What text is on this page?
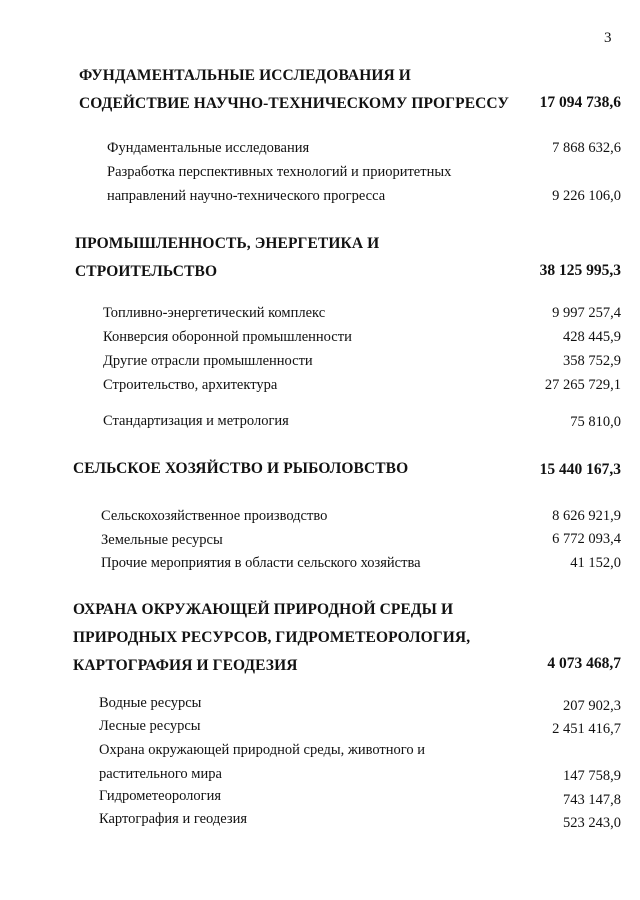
3
ФУНДАМЕНТАЛЬНЫЕ ИССЛЕДОВАНИЯ И
СОДЕЙСТВИЕ НАУЧНО-ТЕХНИЧЕСКОМУ ПРОГРЕССУ 17 094 738,6
Фундаментальные исследования	7 868 632,6
Разработка перспективных технологий и приоритетных
направлений научно-технического прогресса	9 226 106,0
ПРОМЫШЛЕННОСТЬ, ЭНЕРГЕТИКА И
СТРОИТЕЛЬСТВО	38 125 995,3
Топливно-энергетический комплекс	9 997 257,4
Конверсия оборонной промышленности	428 445,9
Другие отрасли промышленности	358 752,9
Строительство, архитектура	27 265 729,1
Стандартизация и метрология	75 810,0
СЕЛЬСКОЕ ХОЗЯЙСТВО И РЫБОЛОВСТВО	15 440 167,3
Сельскохозяйственное производство	8 626 921,9
Земельные ресурсы	6 772 093,4
Прочие мероприятия в области сельского хозяйства	41 152,0
ОХРАНА ОКРУЖАЮЩЕЙ ПРИРОДНОЙ СРЕДЫ И
ПРИРОДНЫХ РЕСУРСОВ, ГИДРОМЕТЕОРОЛОГИЯ,
КАРТОГРАФИЯ И ГЕОДЕЗИЯ	4 073 468,7
Водные ресурсы	207 902,3
Лесные ресурсы	2 451 416,7
Охрана окружающей природной среды, животного и
растительного мира	147 758,9
Гидрометеорология	743 147,8
Картография и геодезия	523 243,0
